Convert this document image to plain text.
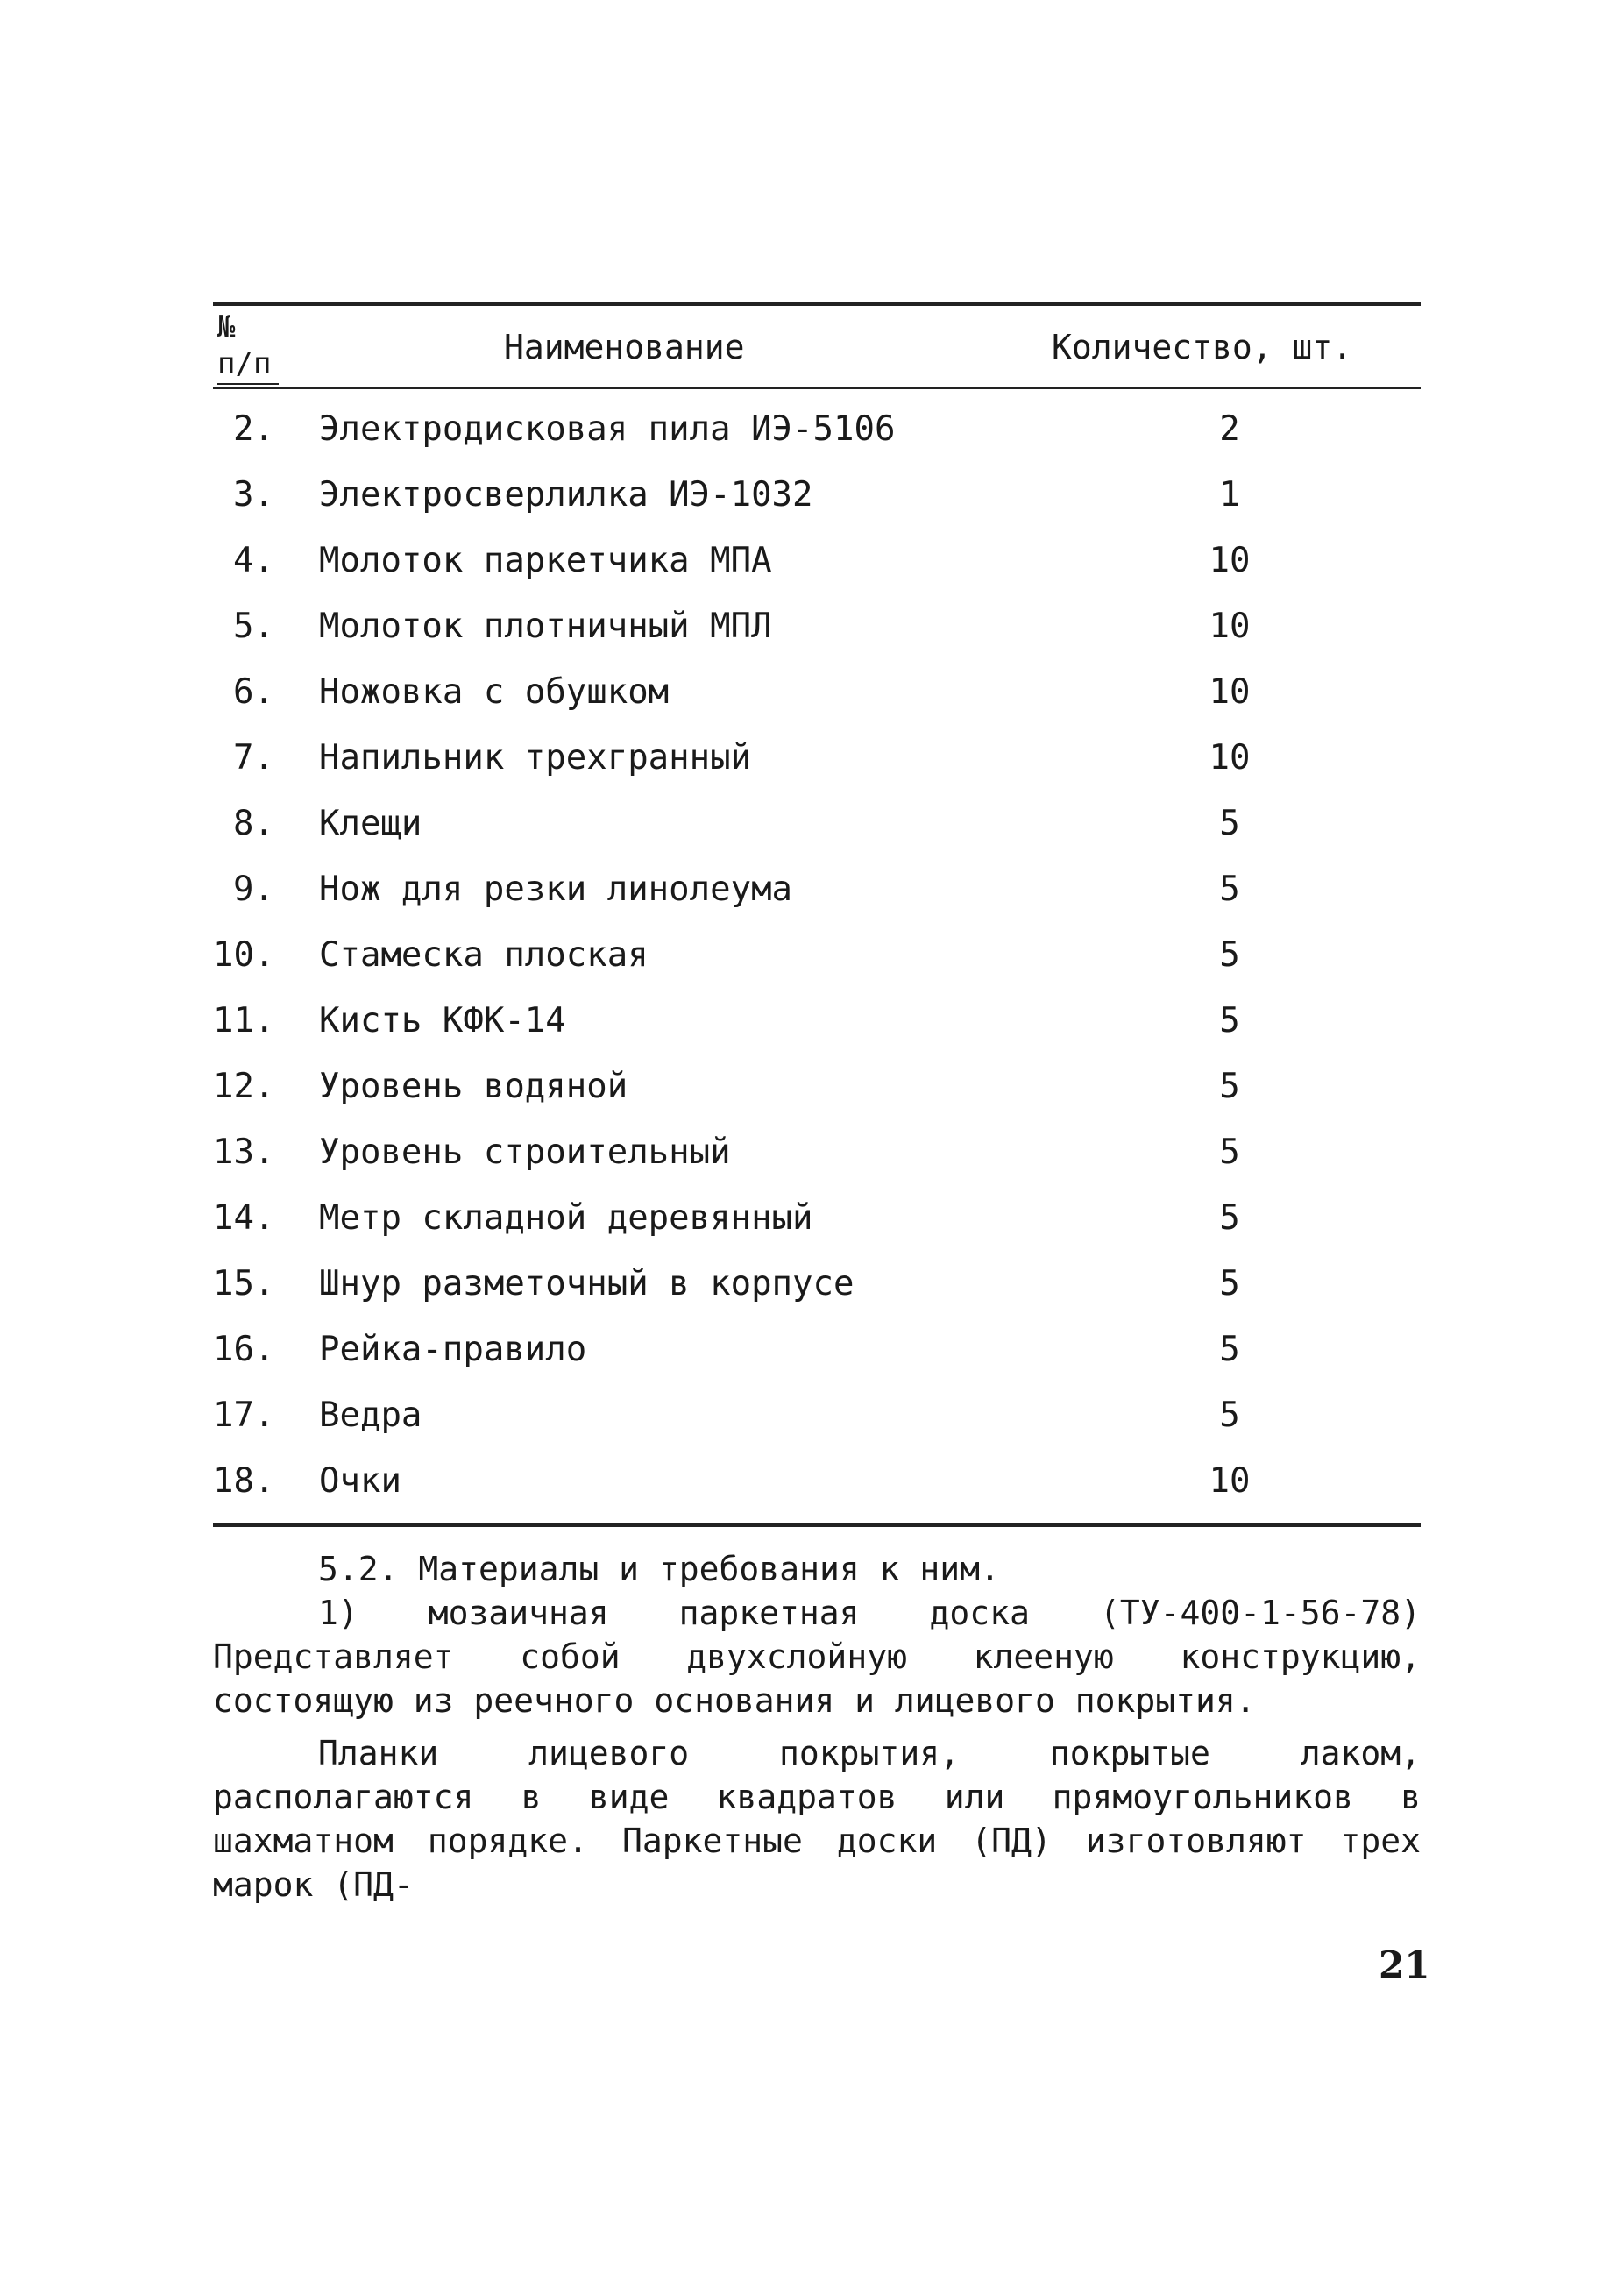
№
п/п	Наименование	Количество, шт.
2. Электродисковая пила ИЭ-5106	2
3. Электросверлилка ИЭ-1032	1
4. Молоток паркетчика МПА	10
5. Молоток плотничный МПЛ	10
6. Ножовка с обушком	10
7. Напильник трехгранный	10
8. Клещи	5
9. Нож для резки линолеума	5
10. Стамеска плоская	5
11. Кисть КФК-14	5
12. Уровень водяной	5
13. Уровень строительный	5
14. Метр складной деревянный	5
15. Шнур разметочный в корпусе	5
16. Рейка-правило	5
17. Ведра	5
18. Очки	10

5.2. Материалы и требования к ним.

1) мозаичная паркетная доска (ТУ-400-1-56-78) Представляет собой двухслойную клееную конструкцию, состоящую из реечного основания и лицевого покрытия.

Планки лицевого покрытия, покрытые лаком, располагаются в виде квадратов или прямоугольников в шахматном порядке. Паркетные доски (ПД) изготовляют трех марок (ПД-

21
